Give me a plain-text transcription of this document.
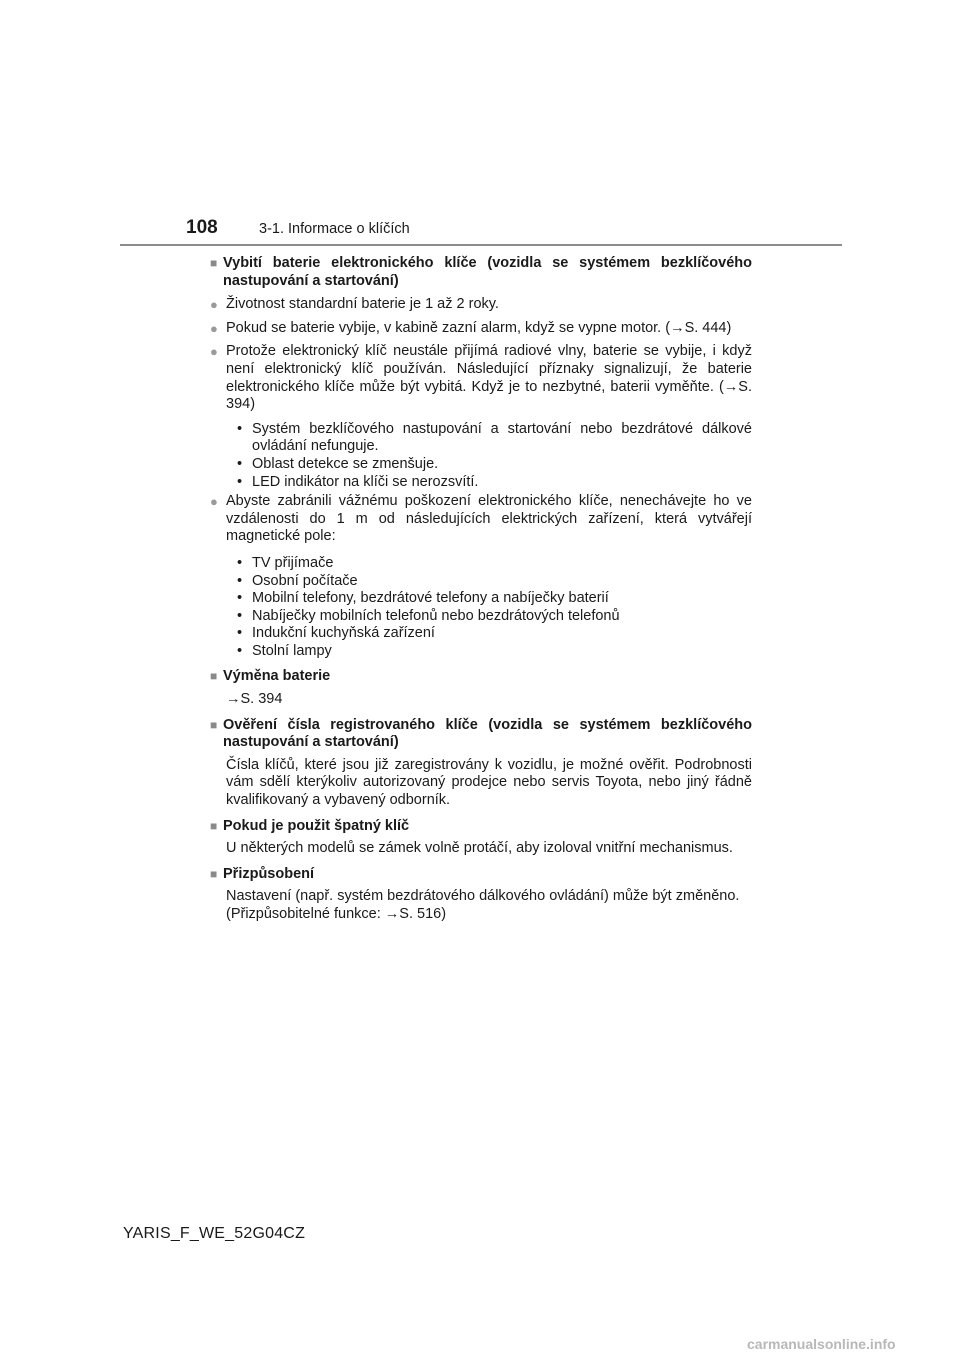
108	3-1. Informace o klíčích
■ Vybití baterie elektronického klíče (vozidla se systémem bezklíčového nastupování a startování)
● Životnost standardní baterie je 1 až 2 roky.
● Pokud se baterie vybije, v kabině zazní alarm, když se vypne motor. (→S. 444)
● Protože elektronický klíč neustále přijímá radiové vlny, baterie se vybije, i když není elektronický klíč používán. Následující příznaky signalizují, že baterie elektronického klíče může být vybitá. Když je to nezbytné, baterii vyměňte. (→S. 394)
• Systém bezklíčového nastupování a startování nebo bezdrátové dálkové ovládání nefunguje.
• Oblast detekce se zmenšuje.
• LED indikátor na klíči se nerozsvítí.
● Abyste zabránili vážnému poškození elektronického klíče, nenechávejte ho ve vzdálenosti do 1 m od následujících elektrických zařízení, která vytvářejí magnetické pole:
• TV přijímače
• Osobní počítače
• Mobilní telefony, bezdrátové telefony a nabíječky baterií
• Nabíječky mobilních telefonů nebo bezdrátových telefonů
• Indukční kuchyňská zařízení
• Stolní lampy
■ Výměna baterie
→S. 394
■ Ověření čísla registrovaného klíče (vozidla se systémem bezklíčového nastupování a startování)
Čísla klíčů, které jsou již zaregistrovány k vozidlu, je možné ověřit. Podrobnosti vám sdělí kterýkoliv autorizovaný prodejce nebo servis Toyota, nebo jiný řádně kvalifikovaný a vybavený odborník.
■ Pokud je použit špatný klíč
U některých modelů se zámek volně protáčí, aby izoloval vnitřní mechanismus.
■ Přizpůsobení
Nastavení (např. systém bezdrátového dálkového ovládání) může být změněno. (Přizpůsobitelné funkce: →S. 516)
YARIS_F_WE_52G04CZ
carmanualsonline.info
